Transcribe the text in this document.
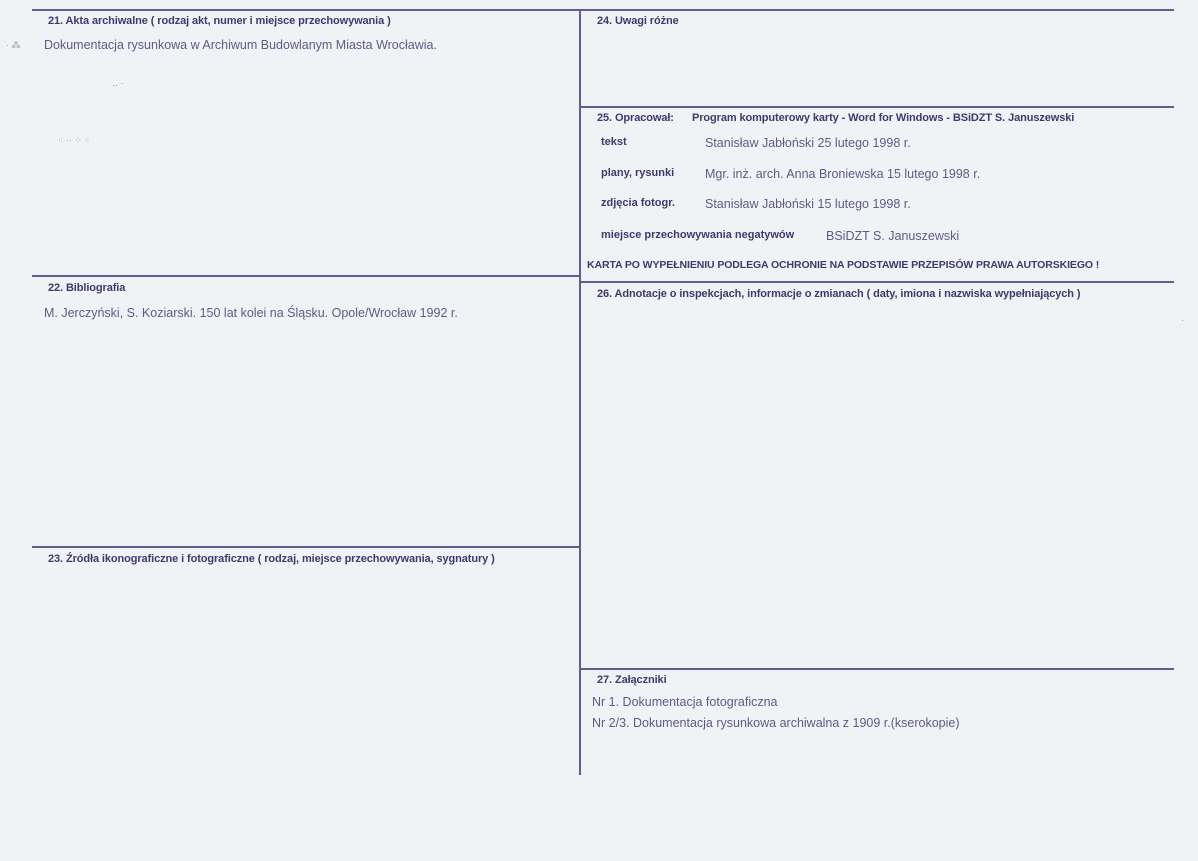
21. Akta archiwalne ( rodzaj akt, numer i miejsce przechowywania )
Dokumentacja rysunkowa w Archiwum Budowlanym Miasta Wrocławia.
22. Bibliografia
M. Jerczyński, S. Koziarski. 150 lat kolei na Śląsku. Opole/Wrocław 1992 r.
23. Źródła ikonograficzne i fotograficzne ( rodzaj, miejsce przechowywania, sygnatury )
24. Uwagi różne
25. Opracował: Program komputerowy karty - Word for Windows - BSiDZT S. Januszewski
tekst	Stanisław Jabłoński 25 lutego 1998 r.
plany, rysunki Mgr. inż. arch. Anna Broniewska 15 lutego 1998 r.
zdjęcia fotogr. Stanisław Jabłoński 15 lutego 1998 r.
miejsce przechowywania negatywów	BSiDZT S. Januszewski
KARTA PO WYPEŁNIENIU PODLEGA OCHRONIE NA PODSTAWIE PRZEPISÓW PRAWA AUTORSKIEGO !
26. Adnotacje o inspekcjach, informacje o zmianach ( daty, imiona i nazwiska wypełniających )
27. Załączniki
Nr 1. Dokumentacja fotograficzna
Nr 2/3. Dokumentacja rysunkowa archiwalna z 1909 r.(kserokopie)
· ⁂
‥ ·
⁖ ·· ⁘ ⁖
·
